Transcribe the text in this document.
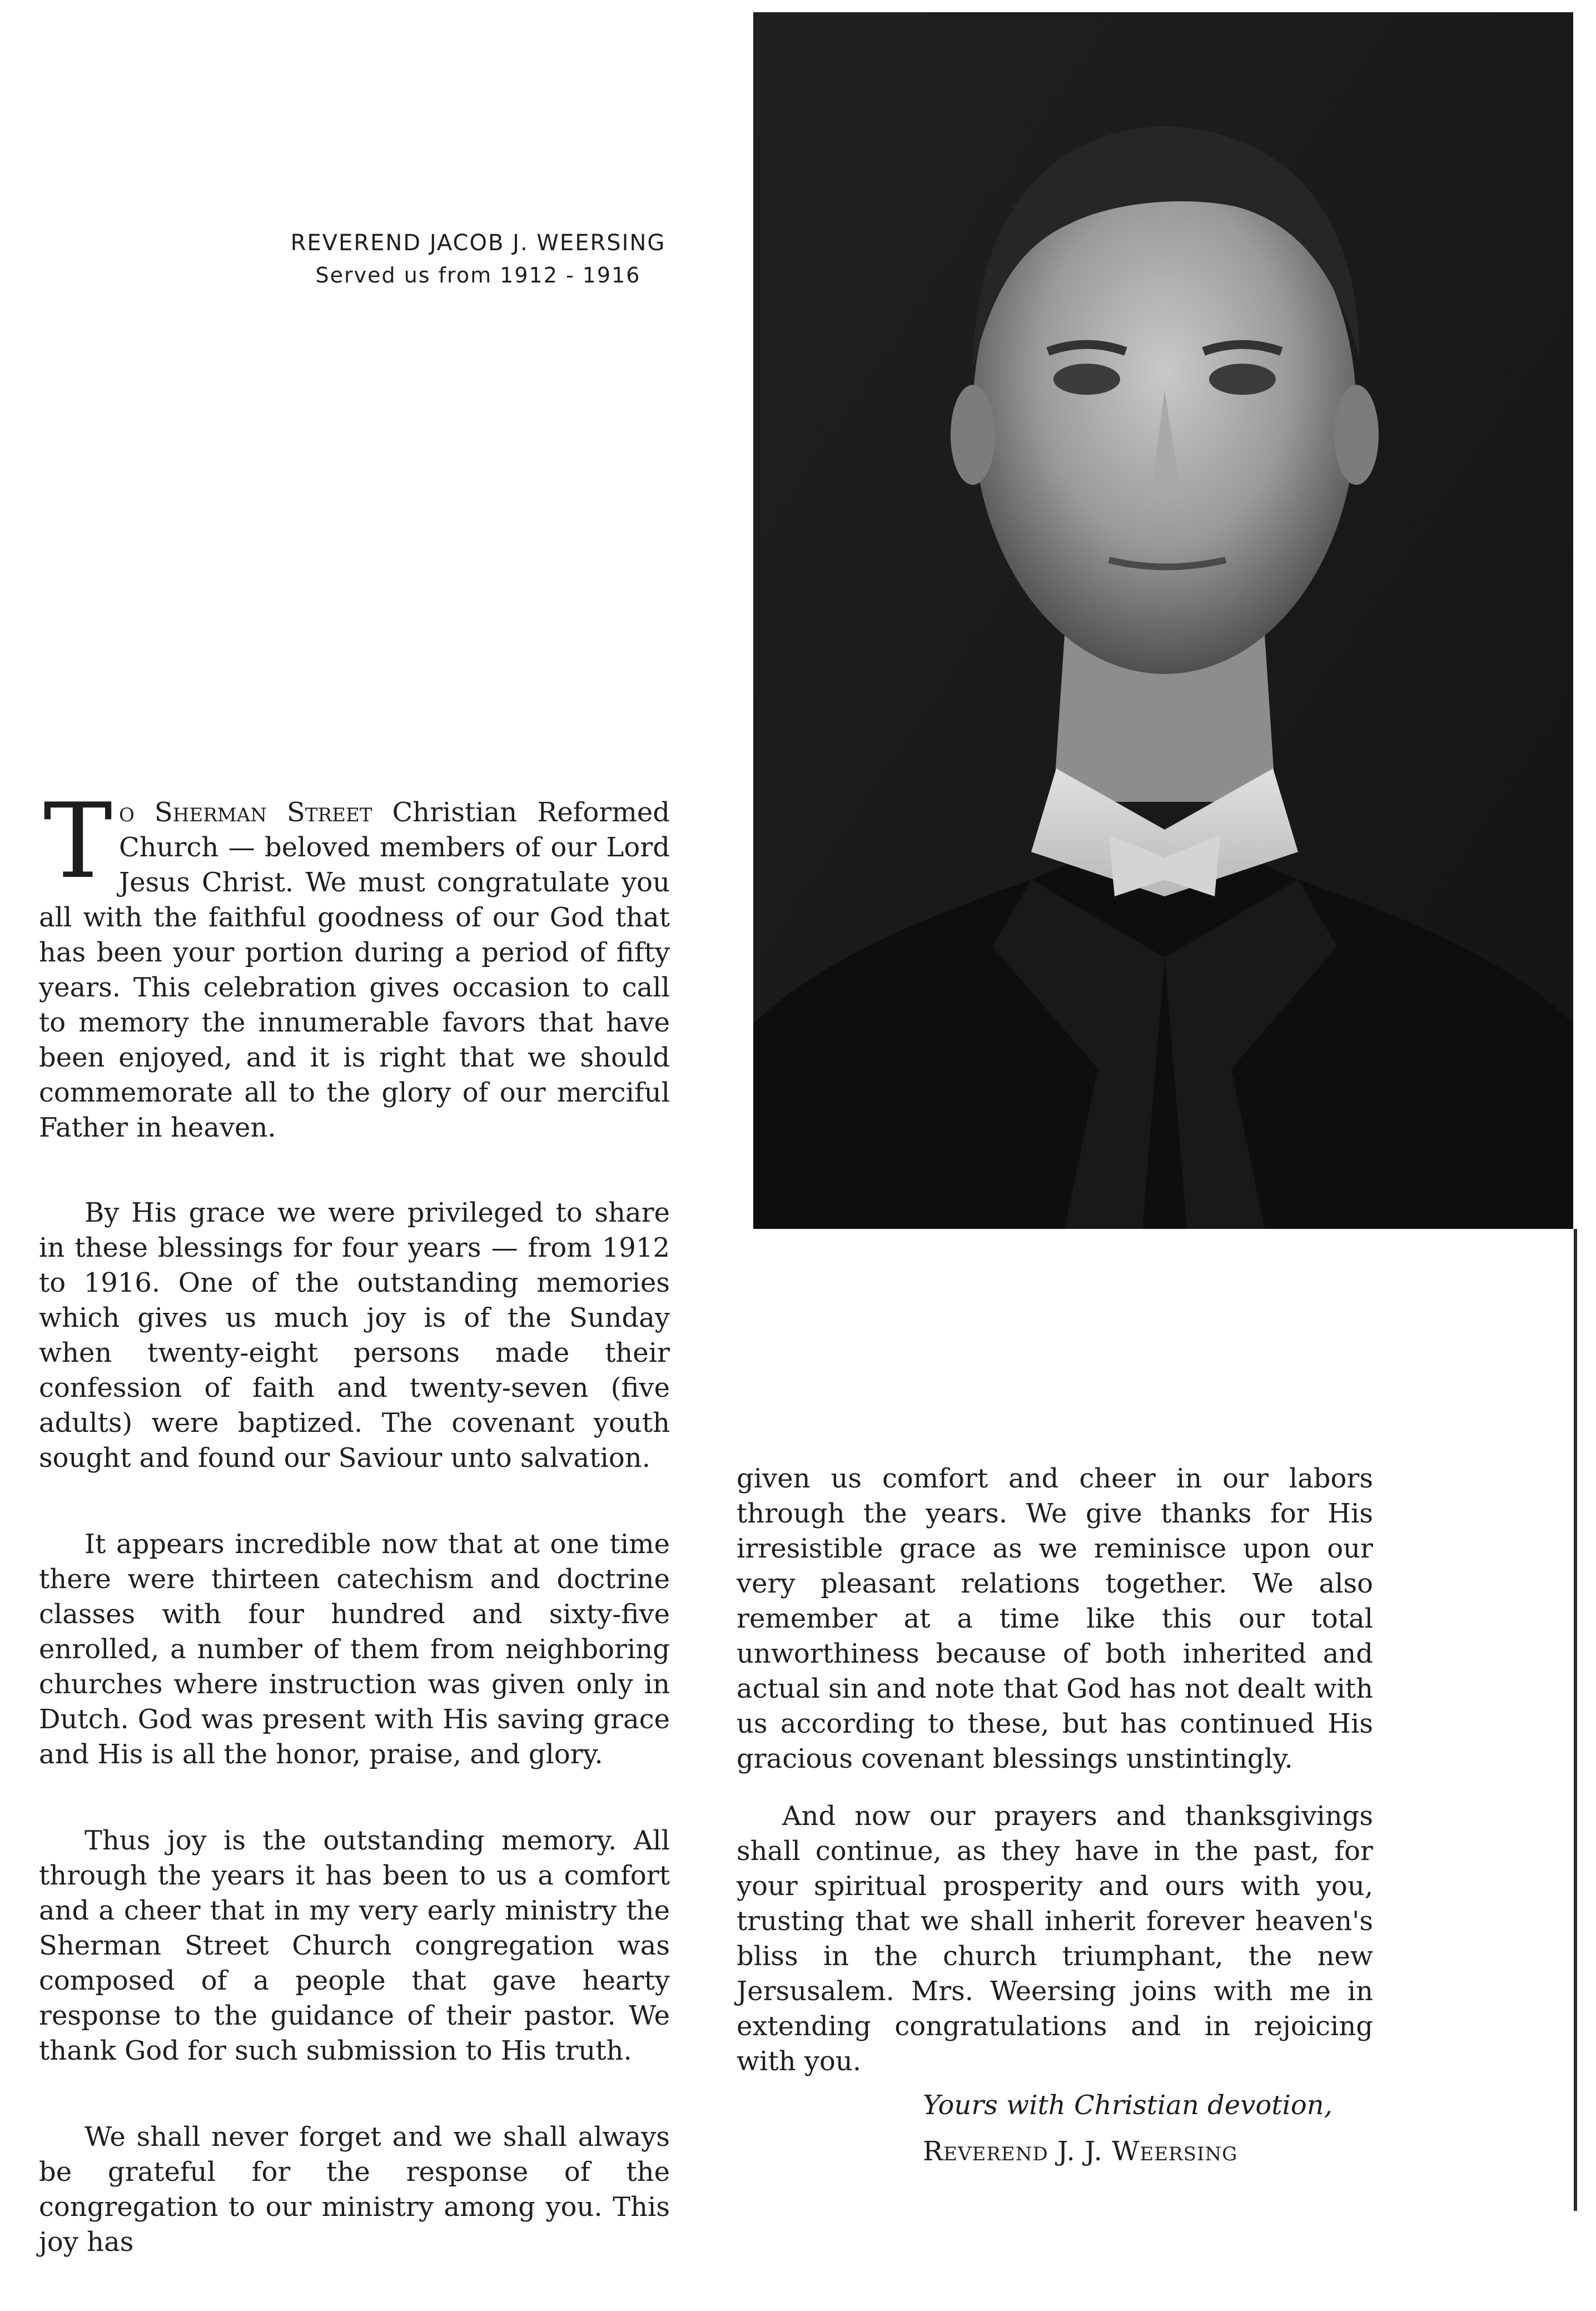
REVEREND JACOB J. WEERSING
Served us from 1912 - 1916

To Sherman Street Christian Reformed Church — beloved members of our Lord Jesus Christ. We must congratulate you all with the faithful goodness of our God that has been your portion during a period of fifty years. This celebration gives occasion to call to memory the innumerable favors that have been enjoyed, and it is right that we should commemorate all to the glory of our merciful Father in heaven.

By His grace we were privileged to share in these blessings for four years — from 1912 to 1916. One of the outstanding memories which gives us much joy is of the Sunday when twenty-eight persons made their confession of faith and twenty-seven (five adults) were baptized. The covenant youth sought and found our Saviour unto salvation.

It appears incredible now that at one time there were thirteen catechism and doctrine classes with four hundred and sixty-five enrolled, a number of them from neighboring churches where instruction was given only in Dutch. God was present with His saving grace and His is all the honor, praise, and glory.

Thus joy is the outstanding memory. All through the years it has been to us a comfort and a cheer that in my very early ministry the Sherman Street Church congregation was composed of a people that gave hearty response to the guidance of their pastor. We thank God for such submission to His truth.

We shall never forget and we shall always be grateful for the response of the congregation to our ministry among you. This joy has

given us comfort and cheer in our labors through the years. We give thanks for His irresistible grace as we reminisce upon our very pleasant relations together. We also remember at a time like this our total unworthiness because of both inherited and actual sin and note that God has not dealt with us according to these, but has continued His gracious covenant blessings unstintingly.

And now our prayers and thanksgivings shall continue, as they have in the past, for your spiritual prosperity and ours with you, trusting that we shall inherit forever heaven's bliss in the church triumphant, the new Jersusalem. Mrs. Weersing joins with me in extending congratulations and in rejoicing with you.

Yours with Christian devotion,
Reverend J. J. Weersing
